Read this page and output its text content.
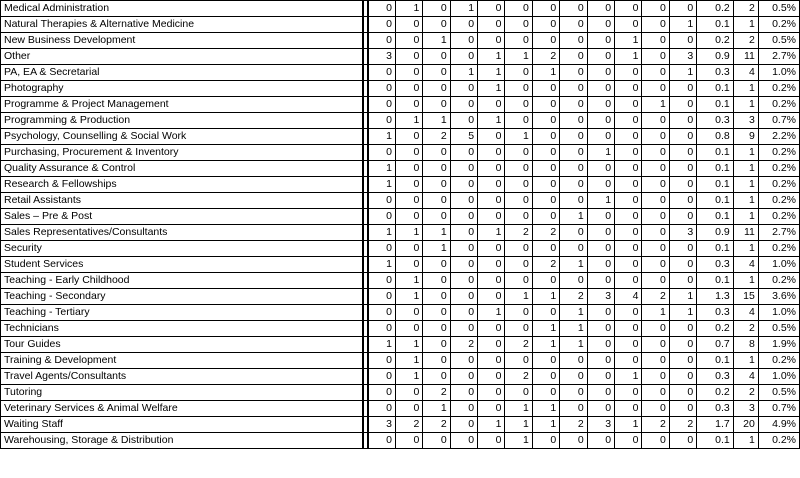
Medical Administration		0	1	0	1	0	0	0	0	0	0	0	0	0.2	2	0.5%
Natural Therapies & Alternative Medicine		0	0	0	0	0	0	0	0	0	0	0	1	0.1	1	0.2%
New Business Development		0	0	1	0	0	0	0	0	0	1	0	0	0.2	2	0.5%
Other		3	0	0	0	1	1	2	0	0	1	0	3	0.9	11	2.7%
PA, EA & Secretarial		0	0	0	1	1	0	1	0	0	0	0	1	0.3	4	1.0%
Photography		0	0	0	0	1	0	0	0	0	0	0	0	0.1	1	0.2%
Programme & Project Management		0	0	0	0	0	0	0	0	0	0	1	0	0.1	1	0.2%
Programming & Production		0	1	1	0	1	0	0	0	0	0	0	0	0.3	3	0.7%
Psychology, Counselling & Social Work		1	0	2	5	0	1	0	0	0	0	0	0	0.8	9	2.2%
Purchasing, Procurement & Inventory		0	0	0	0	0	0	0	0	1	0	0	0	0.1	1	0.2%
Quality Assurance & Control		1	0	0	0	0	0	0	0	0	0	0	0	0.1	1	0.2%
Research & Fellowships		1	0	0	0	0	0	0	0	0	0	0	0	0.1	1	0.2%
Retail Assistants		0	0	0	0	0	0	0	0	1	0	0	0	0.1	1	0.2%
Sales – Pre & Post		0	0	0	0	0	0	0	1	0	0	0	0	0.1	1	0.2%
Sales Representatives/Consultants		1	1	1	0	1	2	2	0	0	0	0	3	0.9	11	2.7%
Security		0	0	1	0	0	0	0	0	0	0	0	0	0.1	1	0.2%
Student Services		1	0	0	0	0	0	2	1	0	0	0	0	0.3	4	1.0%
Teaching - Early Childhood		0	1	0	0	0	0	0	0	0	0	0	0	0.1	1	0.2%
Teaching - Secondary		0	1	0	0	0	1	1	2	3	4	2	1	1.3	15	3.6%
Teaching - Tertiary		0	0	0	0	1	0	0	1	0	0	1	1	0.3	4	1.0%
Technicians		0	0	0	0	0	0	1	1	0	0	0	0	0.2	2	0.5%
Tour Guides		1	1	0	2	0	2	1	1	0	0	0	0	0.7	8	1.9%
Training & Development		0	1	0	0	0	0	0	0	0	0	0	0	0.1	1	0.2%
Travel Agents/Consultants		0	1	0	0	0	2	0	0	0	1	0	0	0.3	4	1.0%
Tutoring		0	0	2	0	0	0	0	0	0	0	0	0	0.2	2	0.5%
Veterinary Services & Animal Welfare		0	0	1	0	0	1	1	0	0	0	0	0	0.3	3	0.7%
Waiting Staff		3	2	2	0	1	1	1	2	3	1	2	2	1.7	20	4.9%
Warehousing, Storage & Distribution		0	0	0	0	0	1	0	0	0	0	0	0	0.1	1	0.2%
